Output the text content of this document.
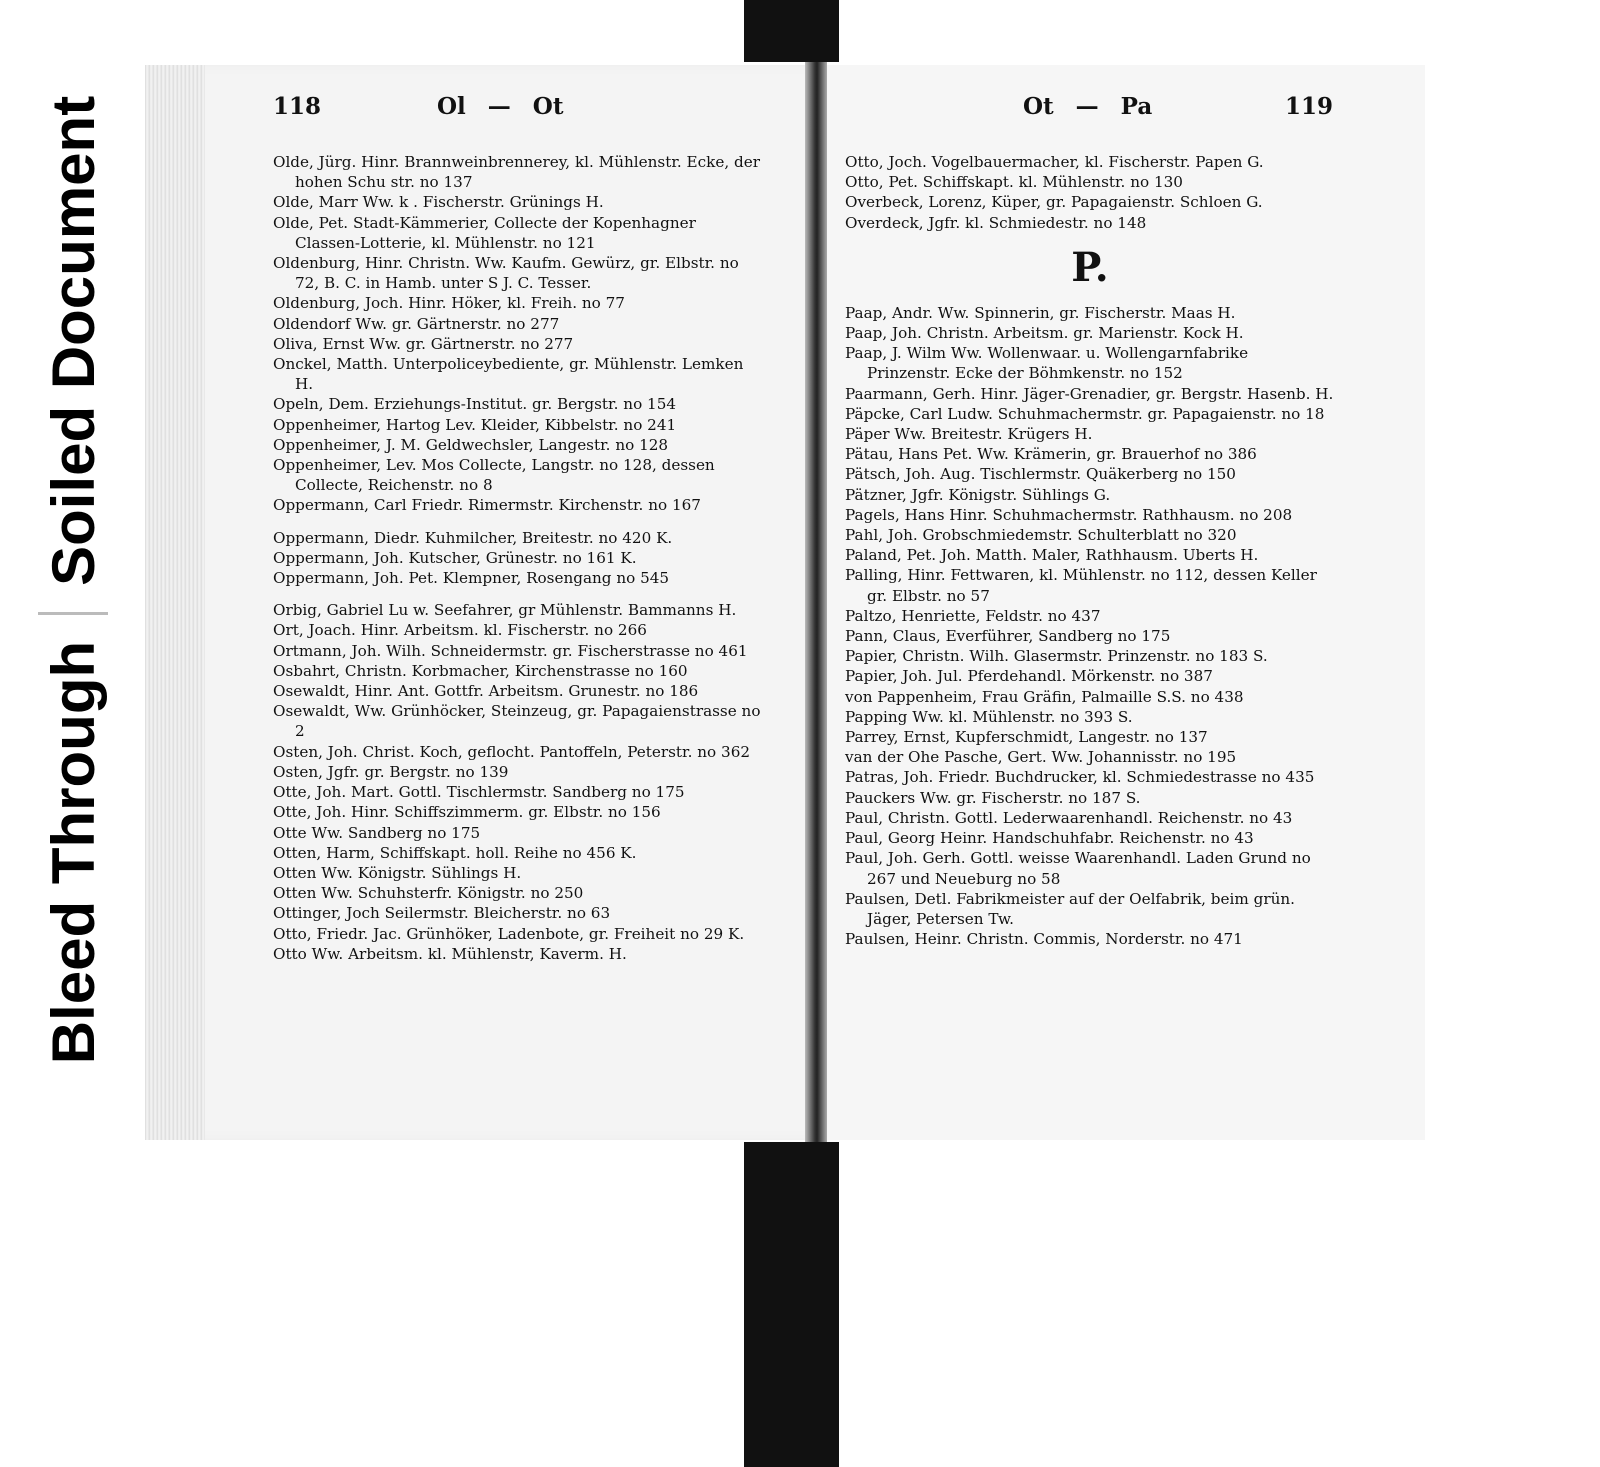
Bleed Through
Soiled Document	118	Ol — Ot	Ot — Pa	119
Olde, Jürg. Hinr. Brannweinbrennerey, kl. Mühlenstr. Ecke, der hohen Schu str. no 137
Olde, Marr Ww. k . Fischerstr. Grünings H.
Olde, Pet. Stadt-Kämmerier, Collecte der Kopenhagner Classen-Lotterie, kl. Mühlenstr. no 121
Oldenburg, Hinr. Christn. Ww. Kaufm. Gewürz, gr. Elbstr. no 72, B. C. in Hamb. unter S J. C. Tesser.
Oldenburg, Joch. Hinr. Höker, kl. Freih. no 77
Oldendorf Ww. gr. Gärtnerstr. no 277
Oliva, Ernst Ww. gr. Gärtnerstr. no 277
Onckel, Matth. Unterpoliceybediente, gr. Mühlenstr. Lemken H.
Opeln, Dem. Erziehungs-Institut. gr. Bergstr. no 154
Oppenheimer, Hartog Lev. Kleider, Kibbelstr. no 241
Oppenheimer, J. M. Geldwechsler, Langestr. no 128
Oppenheimer, Lev. Mos Collecte, Langstr. no 128, dessen Collecte, Reichenstr. no 8
Oppermann, Carl Friedr. Rimermstr. Kirchenstr. no 167
Oppermann, Diedr. Kuhmilcher, Breitestr. no 420 K.
Oppermann, Joh. Kutscher, Grünestr. no 161 K.
Oppermann, Joh. Pet. Klempner, Rosengang no 545
Orbig, Gabriel Lu w. Seefahrer, gr Mühlenstr. Bammanns H.
Ort, Joach. Hinr. Arbeitsm. kl. Fischerstr. no 266
Ortmann, Joh. Wilh. Schneidermstr. gr. Fischerstrasse no 461
Osbahrt, Christn. Korbmacher, Kirchenstrasse no 160
Osewaldt, Hinr. Ant. Gottfr. Arbeitsm. Grunestr. no 186
Osewaldt, Ww. Grünhöcker, Steinzeug, gr. Papagaienstrasse no 2
Osten, Joh. Christ. Koch, geflocht. Pantoffeln, Peterstr. no 362
Osten, Jgfr. gr. Bergstr. no 139
Otte, Joh. Mart. Gottl. Tischlermstr. Sandberg no 175
Otte, Joh. Hinr. Schiffszimmerm. gr. Elbstr. no 156
Otte Ww. Sandberg no 175
Otten, Harm, Schiffskapt. holl. Reihe no 456 K.
Otten Ww. Königstr. Sühlings H.
Otten Ww. Schuhsterfr. Königstr. no 250
Ottinger, Joch Seilermstr. Bleicherstr. no 63
Otto, Friedr. Jac. Grünhöker, Ladenbote, gr. Freiheit no 29 K.
Otto Ww. Arbeitsm. kl. Mühlenstr, Kaverm. H.
Otto, Joch. Vogelbauermacher, kl. Fischerstr. Papen G.
Otto, Pet. Schiffskapt. kl. Mühlenstr. no 130
Overbeck, Lorenz, Küper, gr. Papagaienstr. Schloen G.
Overdeck, Jgfr. kl. Schmiedestr. no 148
P.
Paap, Andr. Ww. Spinnerin, gr. Fischerstr. Maas H.
Paap, Joh. Christn. Arbeitsm. gr. Marienstr. Kock H.
Paap, J. Wilm Ww. Wollenwaar. u. Wollengarnfabrike Prinzenstr. Ecke der Böhmkenstr. no 152
Paarmann, Gerh. Hinr. Jäger-Grenadier, gr. Bergstr. Hasenb. H.
Päpcke, Carl Ludw. Schuhmachermstr. gr. Papagaienstr. no 18
Päper Ww. Breitestr. Krügers H.
Pätau, Hans Pet. Ww. Krämerin, gr. Brauerhof no 386
Pätsch, Joh. Aug. Tischlermstr. Quäkerberg no 150
Pätzner, Jgfr. Königstr. Sühlings G.
Pagels, Hans Hinr. Schuhmachermstr. Rathhausm. no 208
Pahl, Joh. Grobschmiedemstr. Schulterblatt no 320
Paland, Pet. Joh. Matth. Maler, Rathhausm. Uberts H.
Palling, Hinr. Fettwaren, kl. Mühlenstr. no 112, dessen Keller gr. Elbstr. no 57
Paltzo, Henriette, Feldstr. no 437
Pann, Claus, Everführer, Sandberg no 175
Papier, Christn. Wilh. Glasermstr. Prinzenstr. no 183 S.
Papier, Joh. Jul. Pferdehandl. Mörkenstr. no 387
von Pappenheim, Frau Gräfin, Palmaille S.S. no 438
Papping Ww. kl. Mühlenstr. no 393 S.
Parrey, Ernst, Kupferschmidt, Langestr. no 137
van der Ohe Pasche, Gert. Ww. Johannisstr. no 195
Patras, Joh. Friedr. Buchdrucker, kl. Schmiedestrasse no 435
Pauckers Ww. gr. Fischerstr. no 187 S.
Paul, Christn. Gottl. Lederwaarenhandl. Reichenstr. no 43
Paul, Georg Heinr. Handschuhfabr. Reichenstr. no 43
Paul, Joh. Gerh. Gottl. weisse Waarenhandl. Laden Grund no 267 und Neueburg no 58
Paulsen, Detl. Fabrikmeister auf der Oelfabrik, beim grün. Jäger, Petersen Tw.
Paulsen, Heinr. Christn. Commis, Norderstr. no 471
